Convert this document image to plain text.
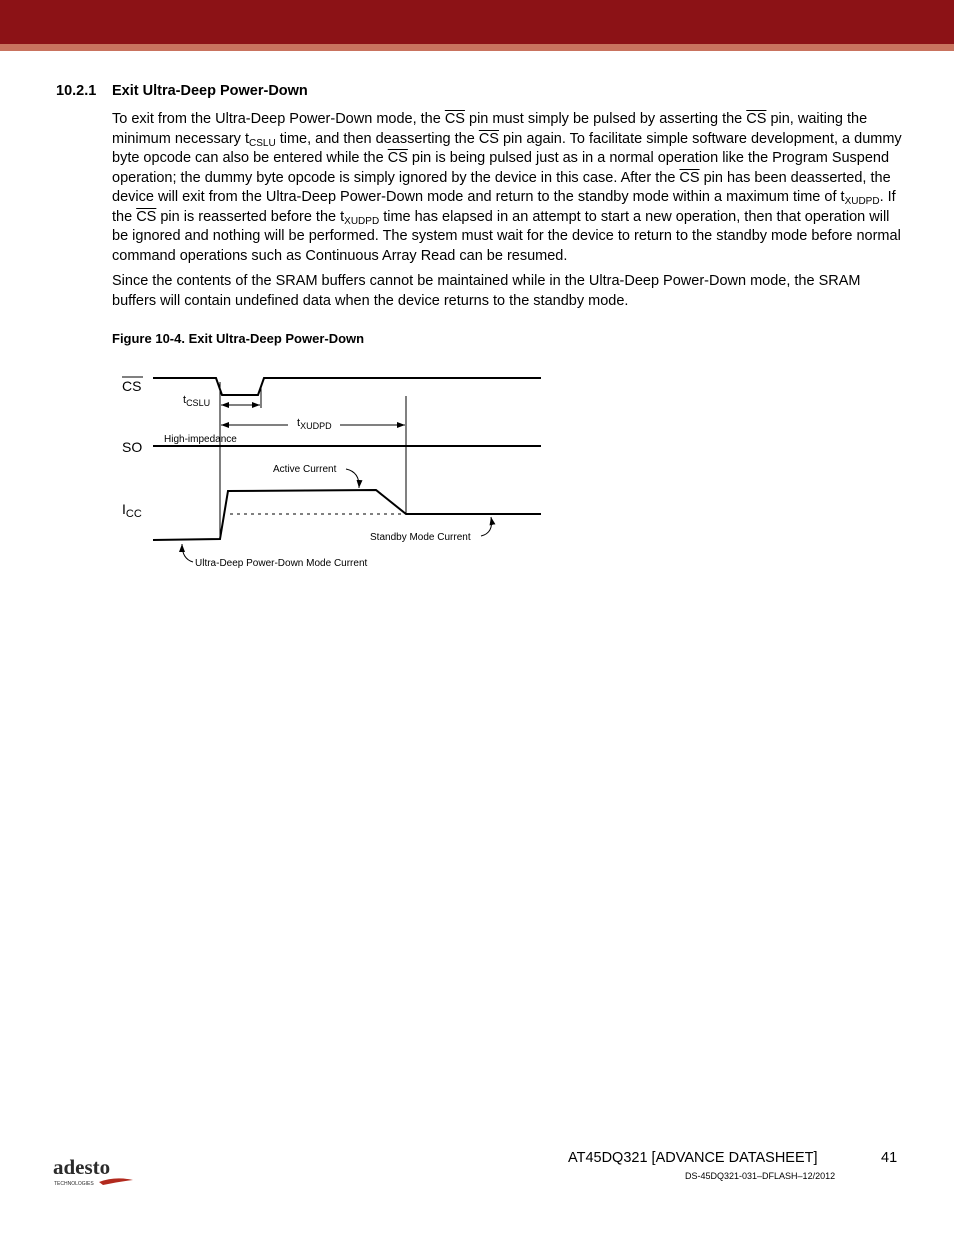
10.2.1 Exit Ultra-Deep Power-Down

To exit from the Ultra-Deep Power-Down mode, the $\overline{CS}$ pin must simply be pulsed by asserting the $\overline{CS}$ pin, waiting the minimum necessary $t_{CSLU}$ time, and then deasserting the $\overline{CS}$ pin again. To facilitate simple software development, a dummy byte opcode can also be entered while the $\overline{CS}$ pin is being pulsed just as in a normal operation like the Program Suspend operation; the dummy byte opcode is simply ignored by the device in this case. After the $\overline{CS}$ pin has been deasserted, the device will exit from the Ultra-Deep Power-Down mode and return to the standby mode within a maximum time of $t_{XUDPD}$. If the $\overline{CS}$ pin is reasserted before the $t_{XUDPD}$ time has elapsed in an attempt to start a new operation, then that operation will be ignored and nothing will be performed. The system must wait for the device to return to the standby mode before normal command operations such as Continuous Array Read can be resumed.

Since the contents of the SRAM buffers cannot be maintained while in the Ultra-Deep Power-Down mode, the SRAM buffers will contain undefined data when the device returns to the standby mode.

Figure 10-4. Exit Ultra-Deep Power-Down
CS
SO
$I_{CC}$
$t_{CSLU}$
$t_{XUDPD}$
High-impedance
Active Current
Standby Mode Current
Ultra-Deep Power-Down Mode Current
adesto
TECHNOLOGIES
AT45DQ321 [ADVANCE DATASHEET]	41
DS-45DQ321-031–DFLASH–12/2012
